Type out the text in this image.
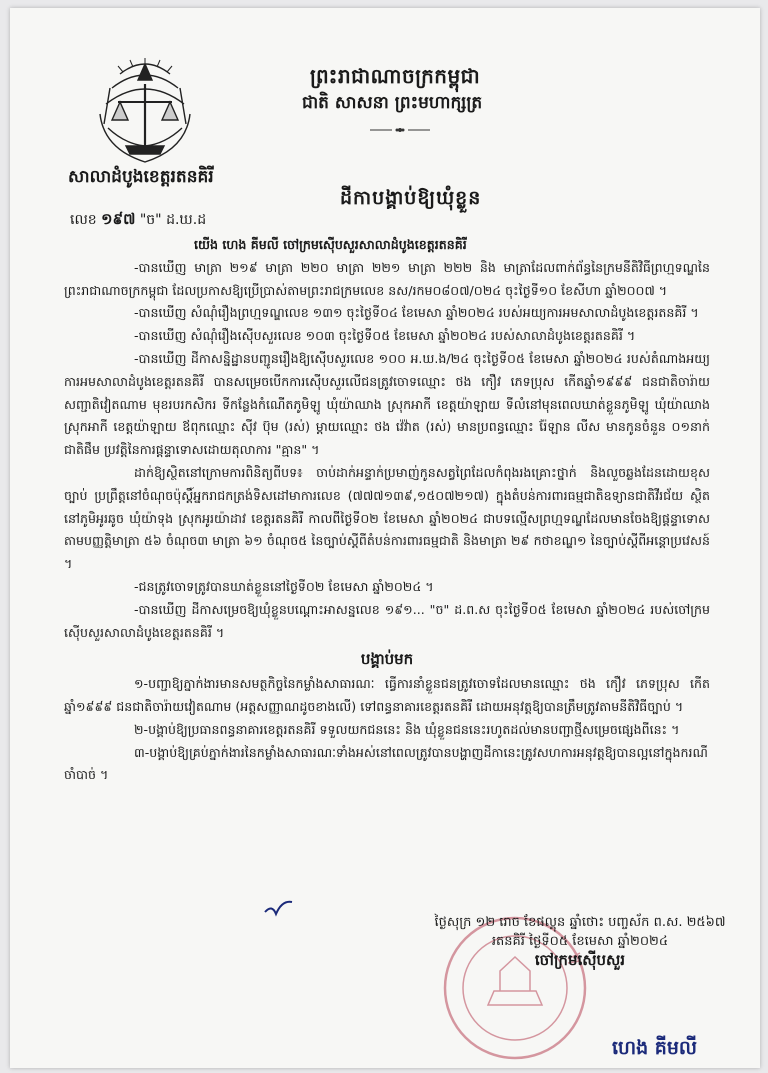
ព្រះរាជាណាចក្រកម្ពុជា
ជាតិ សាសនា ព្រះមហាក្សត្រ
សាលាដំបូងខេត្តរតនគិរី
ដីកាបង្គាប់ឱ្យឃុំខ្លួន
លេខ ១៩៧ "ច" ដ.ឃ.ដ

យើង ហេង គីមលី ចៅក្រមស៊ើបសួរសាលាដំបូងខេត្តរតនគិរី

-បានឃើញ មាត្រា ២១៩ មាត្រា ២២០ មាត្រា ២២១ មាត្រា ២២២ និង មាត្រាដែលពាក់ព័ន្ធនៃក្រមនីតិវិធីព្រហ្មទណ្ឌនៃព្រះរាជាណាចក្រកម្ពុជា ដែលប្រកាសឱ្យប្រើប្រាស់តាមព្រះរាជក្រមលេខ នស/រកម០៨០៧/០២៤ ចុះថ្ងៃទី១០ ខែសីហា ឆ្នាំ២០០៧ ។

-បានឃើញ សំណុំរឿងព្រហ្មទណ្ឌលេខ ១៣១ ចុះថ្ងៃទី០៤ ខែមេសា ឆ្នាំ២០២៤ របស់អយ្យការអមសាលាដំបូងខេត្តរតនគិរី ។

-បានឃើញ សំណុំរឿងស៊ើបសួរលេខ ១០៣ ចុះថ្ងៃទី០៥ ខែមេសា ឆ្នាំ២០២៤ របស់សាលាដំបូងខេត្តរតនគិរី ។

-បានឃើញ ដីកាសន្និដ្ឋានបញ្ជូនរឿងឱ្យស៊ើបសួរលេខ ១០០ អ.ឃ.ង/២៤ ចុះថ្ងៃទី០៥ ខែមេសា ឆ្នាំ២០២៤ របស់តំណាងអយ្យការអមសាលាដំបូងខេត្តរតនគិរី បានសម្រេចបើកការស៊ើបសួរលើជនត្រូវចោទឈ្មោះ ថង កឿវ ភេទប្រុស កើតឆ្នាំ១៩៩៩ ជនជាតិចារ៉ាយ សញ្ជាតិវៀតណាម មុខរបរកសិករ ទីកន្លែងកំណើតភូមិឡូ ឃុំយ៉ាឈាង ស្រុកអាកី ខេត្តយ៉ាឡាយ ទីលំនៅមុនពេលឃាត់ខ្លួនភូមិឡូ ឃុំយ៉ាឈាង ស្រុកអាកី ខេត្តយ៉ាឡាយ ឪពុកឈ្មោះ ស៊ីវ ប៊ុម (រស់) ម្តាយឈ្មោះ ថង វ៉េវ៉ាត (រស់) មានប្រពន្ធឈ្មោះ រ៉ែឡាន លីស មានកូនចំនួន ០១នាក់ ជាតិផឹម ប្រវត្តិនៃការផ្តន្ទាទោសដោយតុលាការ "គ្មាន" ។

ដាក់ឱ្យស្ថិតនៅក្រោមការពិនិត្យពីបទ៖ ចាប់ដាក់អន្ទាក់ប្រមាញ់កូនសត្វព្រៃដែលកំពុងរងគ្រោះថ្នាក់ និងលួចឆ្លងដែនដោយខុសច្បាប់ ប្រព្រឹត្តនៅចំណុចប៉ុស្តិ៍អ្នករាជកត្រង់ទិសដៅមាការលេខ (៧៧៧១៣៩,១៥០៧២១៧) ក្នុងតំបន់ការពារធម្មជាតិឧទ្យានជាតិវីរជ័យ ស្ថិតនៅភូមិអូរឆូច ឃុំយ៉ាទុង ស្រុកអូរយ៉ាដាវ ខេត្តរតនគិរី កាលពីថ្ងៃទី០២ ខែមេសា ឆ្នាំ២០២៤ ជាបទល្មើសព្រហ្មទណ្ឌដែលមានចែងឱ្យផ្តន្ទាទោសតាមបញ្ញត្តិមាត្រា ៥៦ ចំណុច៣ មាត្រា ៦១ ចំណុច៥ នៃច្បាប់ស្តីពីតំបន់ការពារធម្មជាតិ និងមាត្រា ២៩ កថាខណ្ឌ១ នៃច្បាប់ស្តីពីអន្តោប្រវេសន៍ ។

-ជនត្រូវចោទត្រូវបានឃាត់ខ្លួននៅថ្ងៃទី០២ ខែមេសា ឆ្នាំ២០២៤ ។

-បានឃើញ ដីកាសម្រេចឱ្យឃុំខ្លួនបណ្តោះអាសន្នលេខ ១៩១... "ច" ដ.ព.ស ចុះថ្ងៃទី០៥ ខែមេសា ឆ្នាំ២០២៤ របស់ចៅក្រមស៊ើបសួរសាលាដំបូងខេត្តរតនគិរី ។

បង្គាប់មក

១-បញ្ជាឱ្យភ្នាក់ងារមានសមត្ថកិច្ចនៃកម្លាំងសាធារណៈ ធ្វើការនាំខ្លួនជនត្រូវចោទដែលមានឈ្មោះ ថង កឿវ ភេទប្រុស កើតឆ្នាំ១៩៩៩ ជនជាតិចារ៉ាយវៀតណាម (អត្តសញ្ញាណដូចខាងលើ) ទៅពន្ធនាគារខេត្តរតនគិរី ដោយអនុវត្តឱ្យបានត្រឹមត្រូវតាមនីតិវិធីច្បាប់ ។

២-បង្គាប់ឱ្យប្រធានពន្ធនាគារខេត្តរតនគិរី ទទួលយកជននេះ និង ឃុំខ្លួនជននេះរហូតដល់មានបញ្ជាថ្មីសម្រេចផ្សេងពីនេះ ។

៣-បង្គាប់ឱ្យគ្រប់ភ្នាក់ងារនៃកម្លាំងសាធារណៈទាំងអស់នៅពេលត្រូវបានបង្ហាញដីកានេះត្រូវសហការអនុវត្តឱ្យបានល្អនៅក្នុងករណីចាំបាច់ ។

ថ្ងៃសុក្រ ១២ រោច ខែផល្គុន ឆ្នាំថោះ បញ្ចស័ក ព.ស. ២៥៦៧
រតនគិរី ថ្ងៃទី០៥ ខែមេសា ឆ្នាំ២០២៤
ចៅក្រមស៊ើបសួរ
ហេង គីមលី
